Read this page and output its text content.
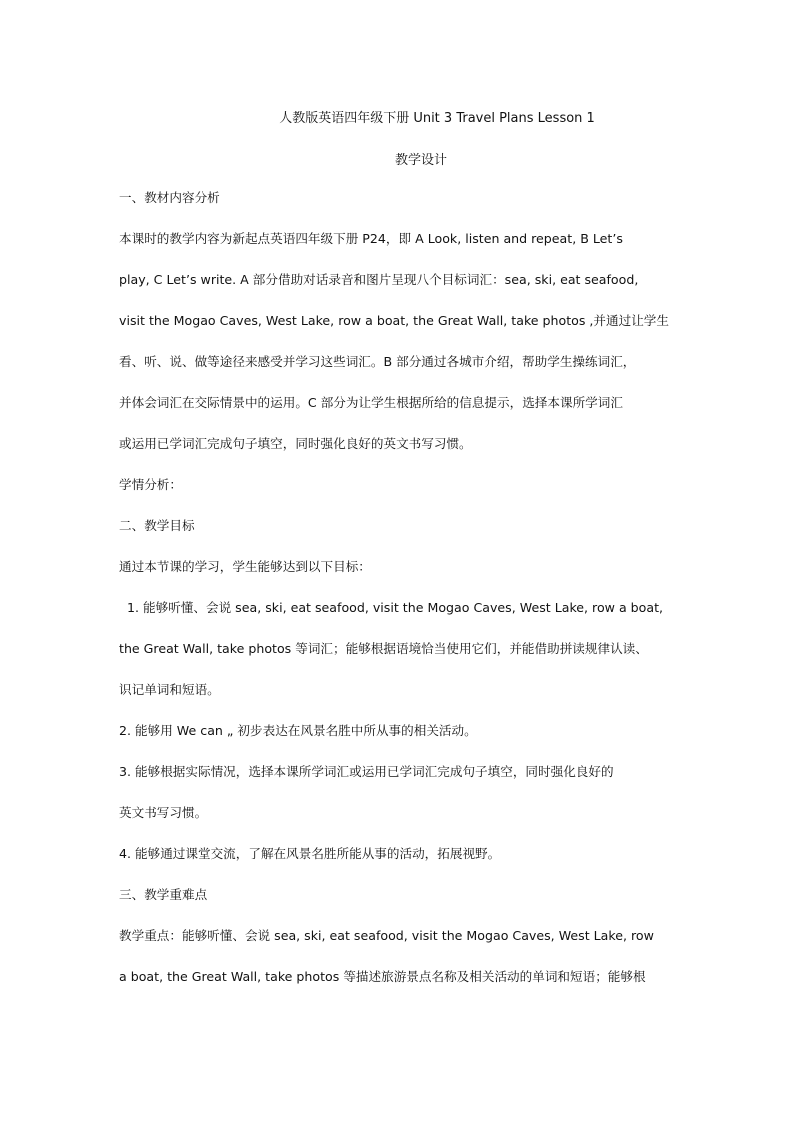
人教版英语四年级下册 Unit 3 Travel Plans Lesson 1
教学设计
一、教材内容分析
本课时的教学内容为新起点英语四年级下册 P24，即 A Look, listen and repeat, B Let’s
play, C Let’s write. A 部分借助对话录音和图片呈现八个目标词汇：sea, ski, eat seafood,
visit the Mogao Caves, West Lake, row a boat, the Great Wall, take photos ,并通过让学生
看、听、说、做等途径来感受并学习这些词汇。B 部分通过各城市介绍，帮助学生操练词汇，
并体会词汇在交际情景中的运用。C 部分为让学生根据所给的信息提示，选择本课所学词汇
或运用已学词汇完成句子填空，同时强化良好的英文书写习惯。
学情分析：
二、教学目标
通过本节课的学习，学生能够达到以下目标：
1. 能够听懂、会说 sea, ski, eat seafood, visit the Mogao Caves, West Lake, row a boat,
the Great Wall, take photos 等词汇；能够根据语境恰当使用它们，并能借助拼读规律认读、
识记单词和短语。
2. 能够用 We can „ 初步表达在风景名胜中所从事的相关活动。
3. 能够根据实际情况，选择本课所学词汇或运用已学词汇完成句子填空，同时强化良好的
英文书写习惯。
4. 能够通过课堂交流，了解在风景名胜所能从事的活动，拓展视野。
三、教学重难点
教学重点：能够听懂、会说 sea, ski, eat seafood, visit the Mogao Caves, West Lake, row
a boat, the Great Wall, take photos 等描述旅游景点名称及相关活动的单词和短语；能够根
